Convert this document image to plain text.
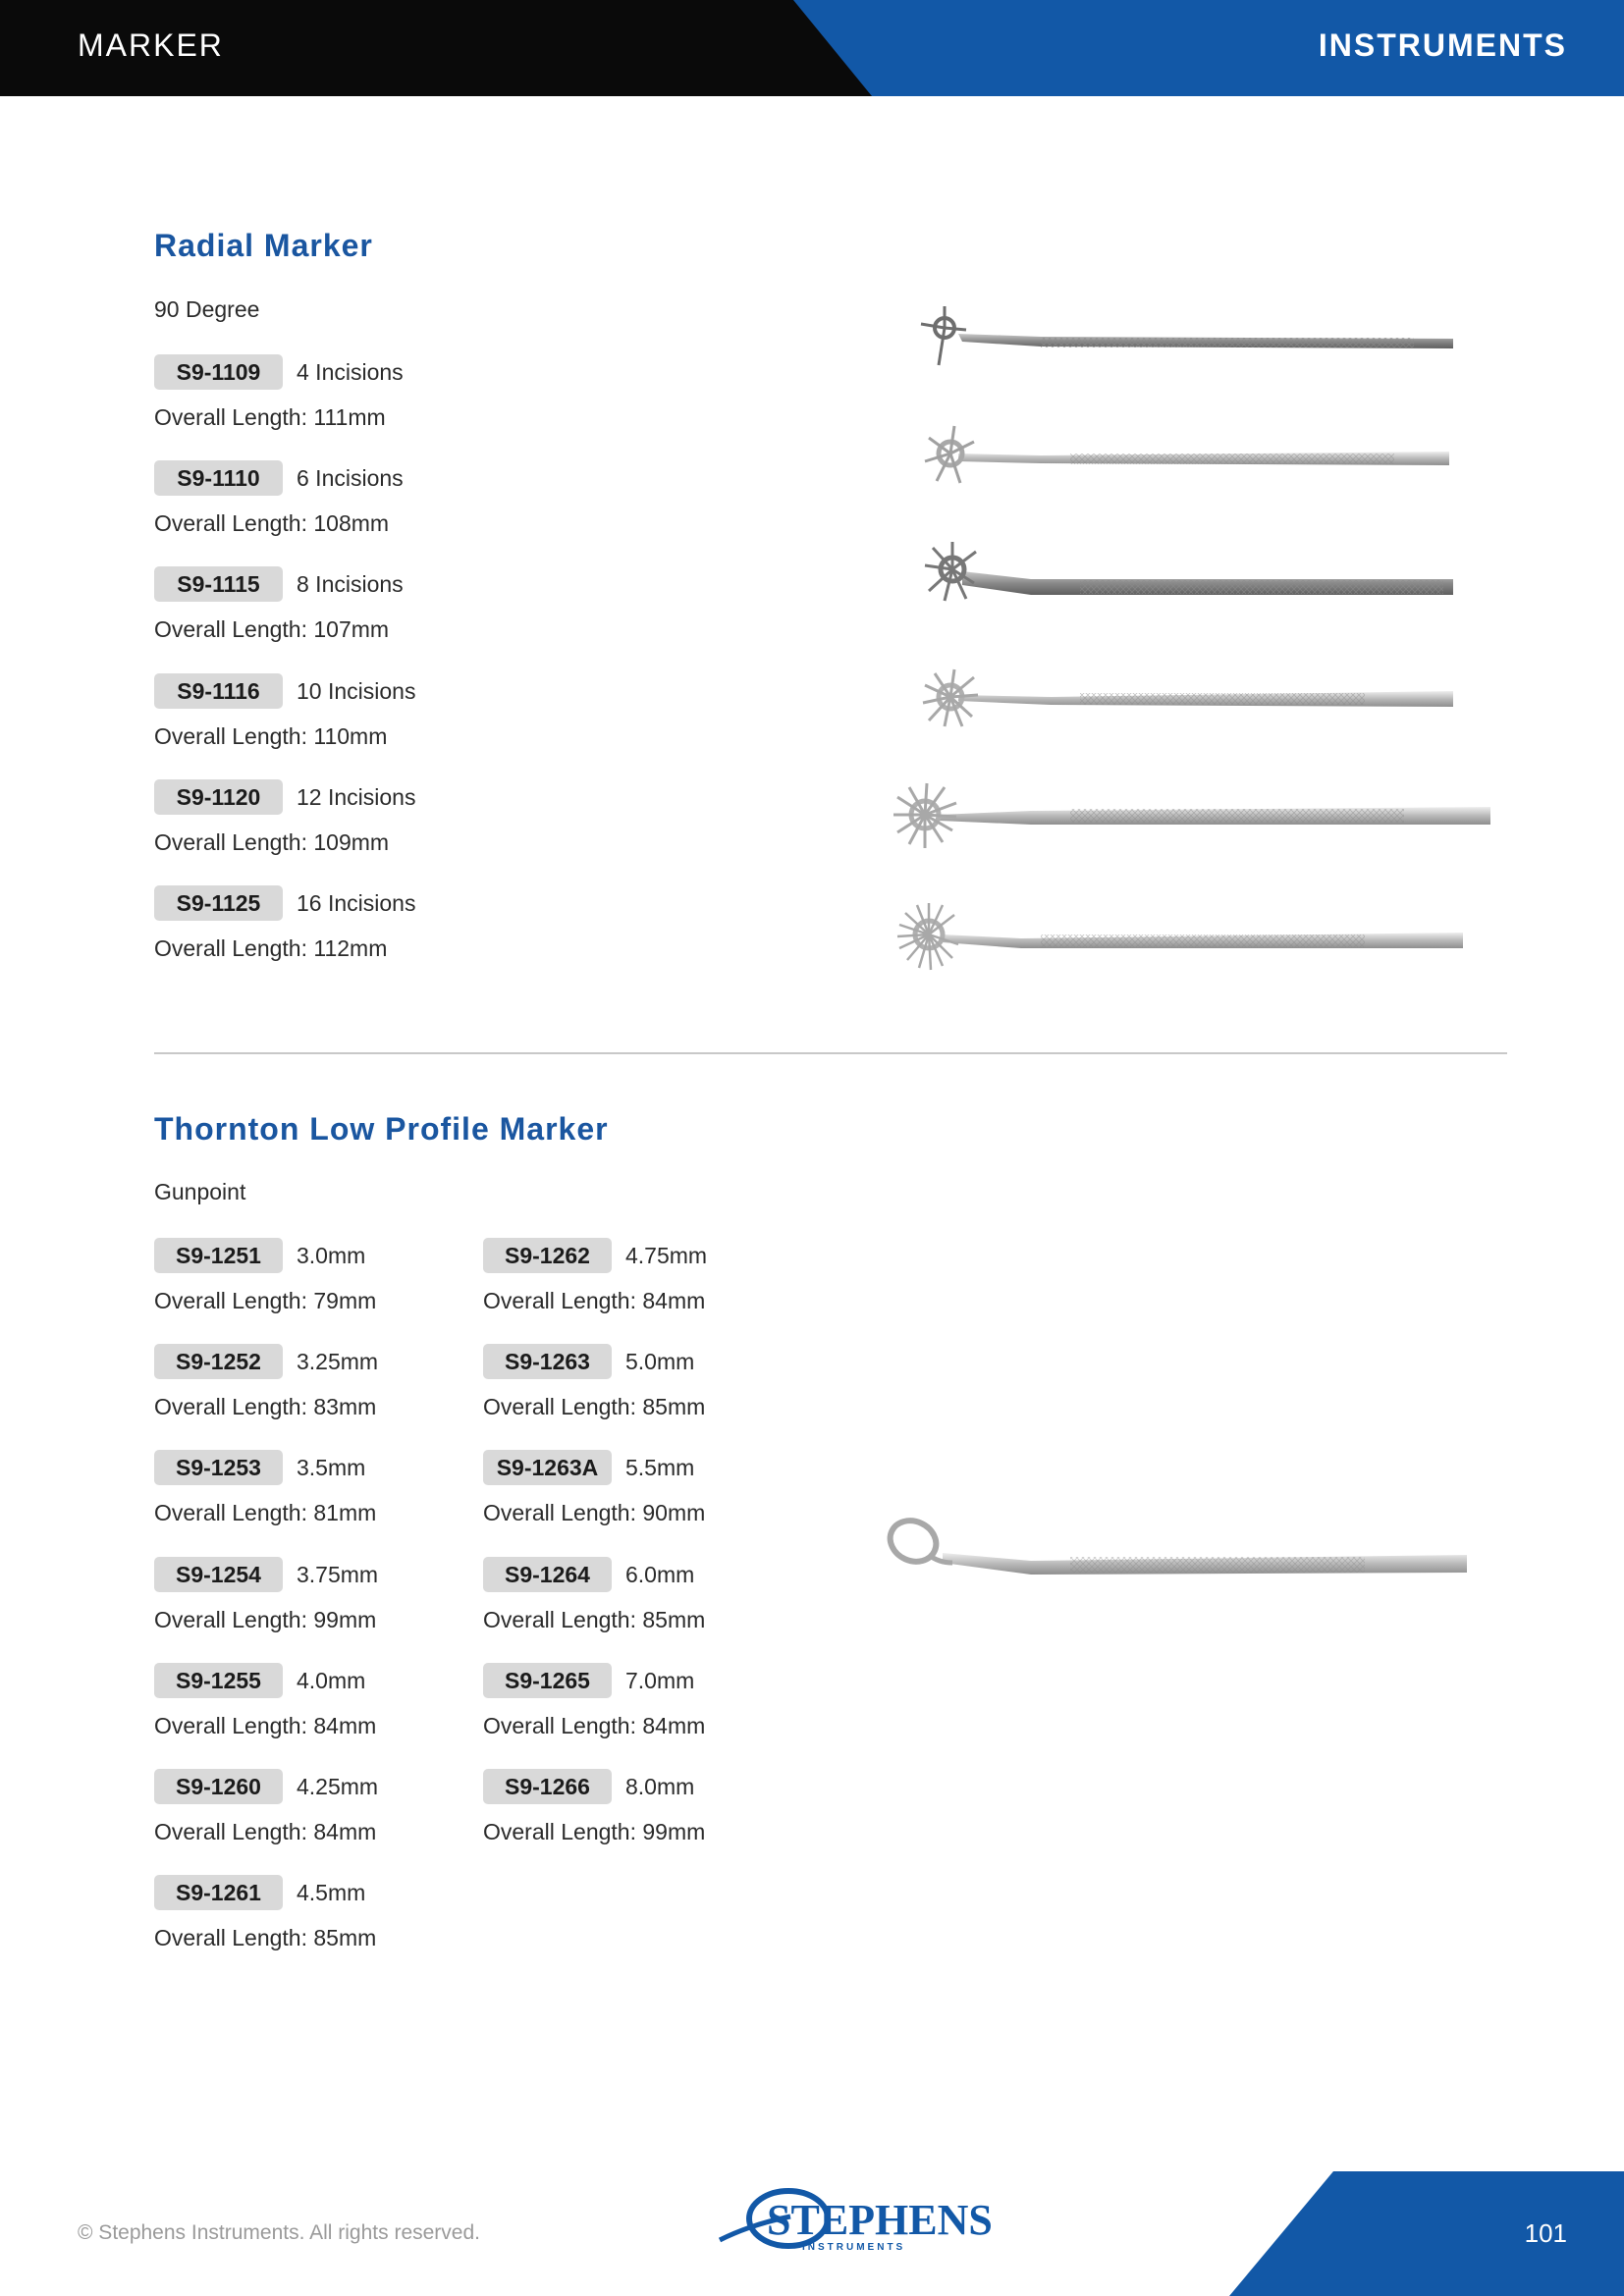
MARKER	INSTRUMENTS
Radial Marker
90 Degree
S9-1109	4 Incisions
Overall Length: 111mm
S9-1110	6 Incisions
Overall Length: 108mm
S9-1115	8 Incisions
Overall Length: 107mm
S9-1116	10 Incisions
Overall Length: 110mm
S9-1120	12 Incisions
Overall Length: 109mm
S9-1125	16 Incisions
Overall Length: 112mm
Thornton Low Profile Marker
Gunpoint
S9-1251	3.0mm
Overall Length: 79mm
S9-1252	3.25mm
Overall Length: 83mm
S9-1253	3.5mm
Overall Length: 81mm
S9-1254	3.75mm
Overall Length: 99mm
S9-1255	4.0mm
Overall Length: 84mm
S9-1260	4.25mm
Overall Length: 84mm
S9-1261	4.5mm
Overall Length: 85mm
S9-1262	4.75mm
Overall Length: 84mm
S9-1263	5.0mm
Overall Length: 85mm
S9-1263A	5.5mm
Overall Length: 90mm
S9-1264	6.0mm
Overall Length: 85mm
S9-1265	7.0mm
Overall Length: 84mm
S9-1266	8.0mm
Overall Length: 99mm
© Stephens Instruments. All rights reserved.	STEPHENS
INSTRUMENTS	101
